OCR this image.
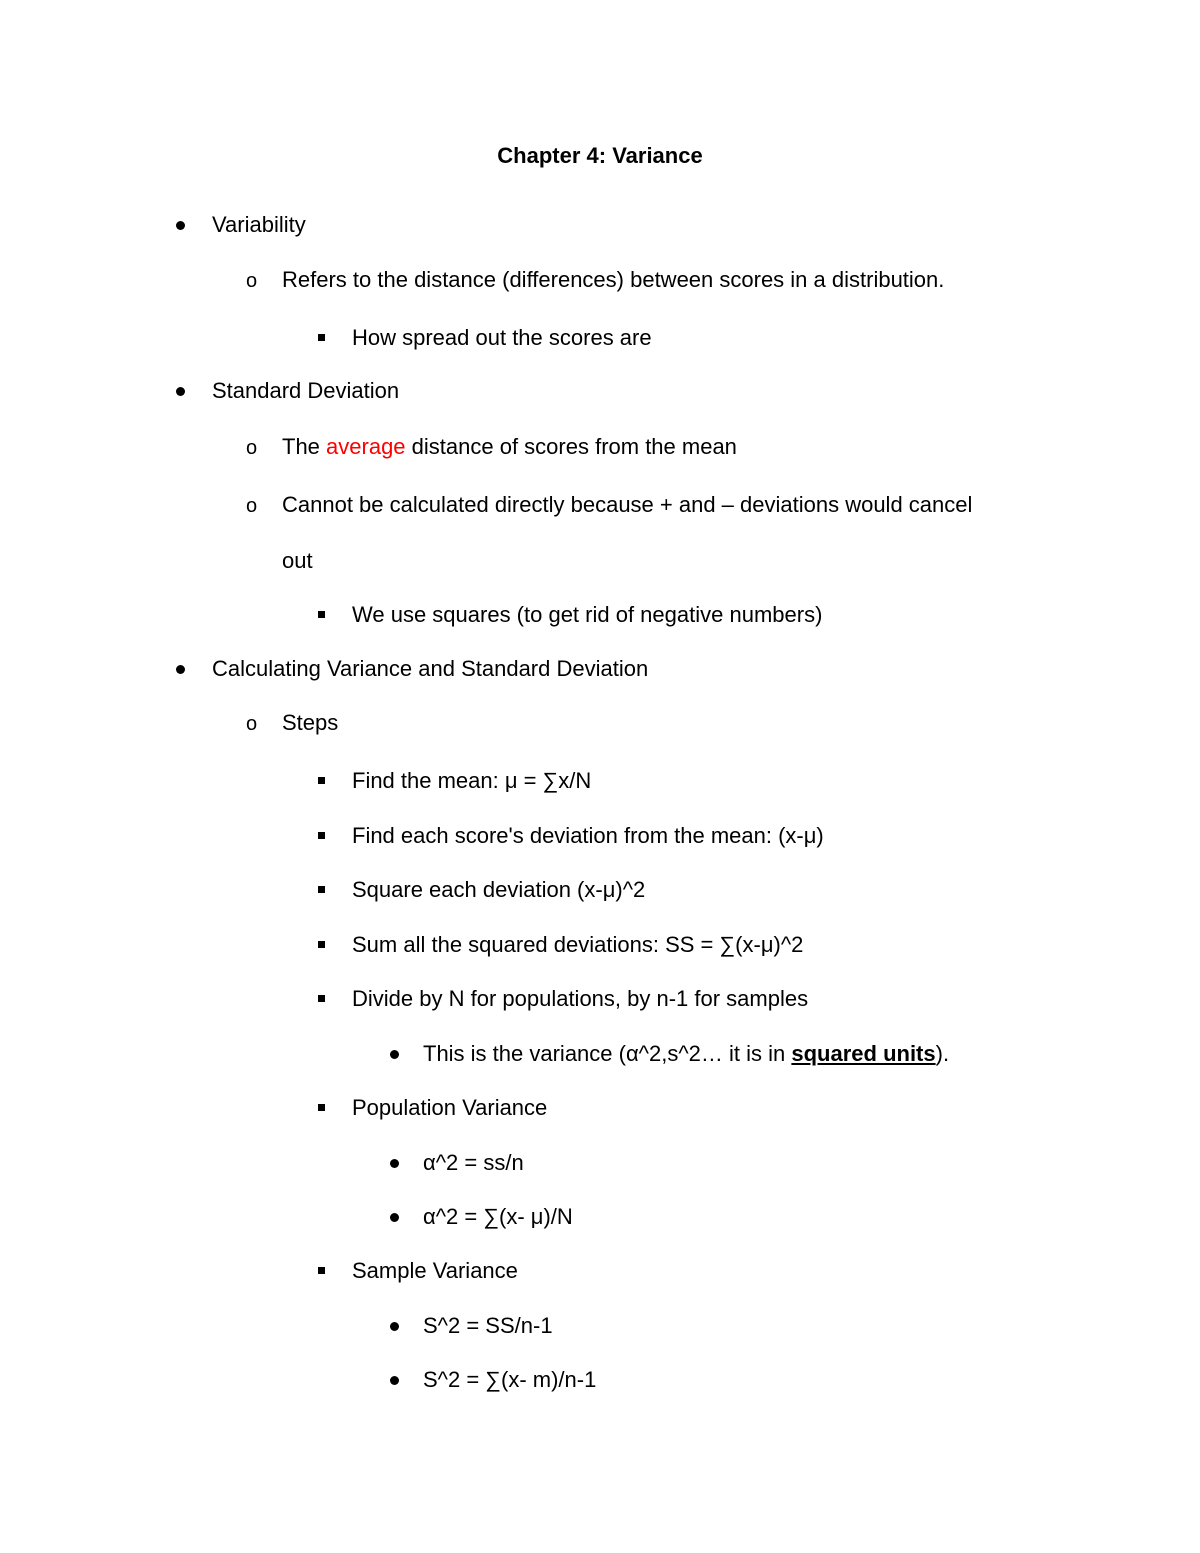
Chapter 4: Variance
Variability
o Refers to the distance (differences) between scores in a distribution.
How spread out the scores are
Standard Deviation
o The average distance of scores from the mean
o Cannot be calculated directly because + and – deviations would cancel
out
We use squares (to get rid of negative numbers)
Calculating Variance and Standard Deviation
o Steps
Find the mean: μ = ∑x/N
Find each score's deviation from the mean: (x-μ)
Square each deviation (x-μ)^2
Sum all the squared deviations: SS = ∑(x-μ)^2
Divide by N for populations, by n-1 for samples
This is the variance (α^2,s^2… it is in squared units).
Population Variance
α^2 = ss/n
α^2 = ∑(x- μ)/N
Sample Variance
S^2 = SS/n-1
S^2 = ∑(x- m)/n-1
